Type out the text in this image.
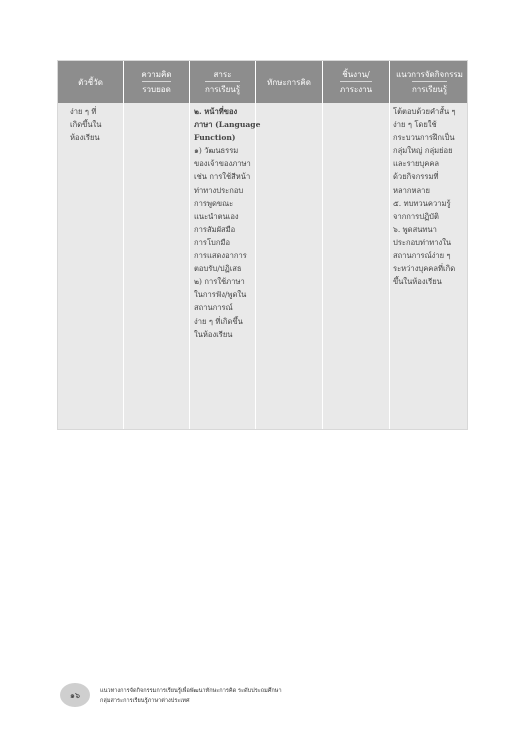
ตัวชี้วัด
ความคิด
รวบยอด
สาระ
การเรียนรู้
ทักษะการคิด
ชิ้นงาน/
ภาระงาน
แนวการจัดกิจกรรม
การเรียนรู้
ง่าย ๆ ที่
เกิดขึ้นใน
ห้องเรียน
๒. หน้าที่ของ
ภาษา (Language
Function)
๑) วัฒนธรรม
ของเจ้าของภาษา
เช่น การใช้สีหน้า
ท่าทางประกอบ
การพูดขณะ
แนะนำตนเอง
การสัมผัสมือ
การโบกมือ
การแสดงอาการ
ตอบรับ/ปฏิเสธ
๒) การใช้ภาษา
ในการฟัง/พูดใน
สถานการณ์
ง่าย ๆ ที่เกิดขึ้น
ในห้องเรียน
โต้ตอบด้วยคำสั้น ๆ
ง่าย ๆ โดยใช้
กระบวนการฝึกเป็น
กลุ่มใหญ่ กลุ่มย่อย
และรายบุคคล
ด้วยกิจกรรมที่
หลากหลาย
๕. ทบทวนความรู้
จากการปฏิบัติ
๖. พูดสนทนา
ประกอบท่าทางใน
สถานการณ์ง่าย ๆ
ระหว่างบุคคลที่เกิด
ขึ้นในห้องเรียน
๑๖	แนวทางการจัดกิจกรรมการเรียนรู้เพื่อพัฒนาทักษะการคิด ระดับประถมศึกษา
กลุ่มสาระการเรียนรู้ภาษาต่างประเทศ
